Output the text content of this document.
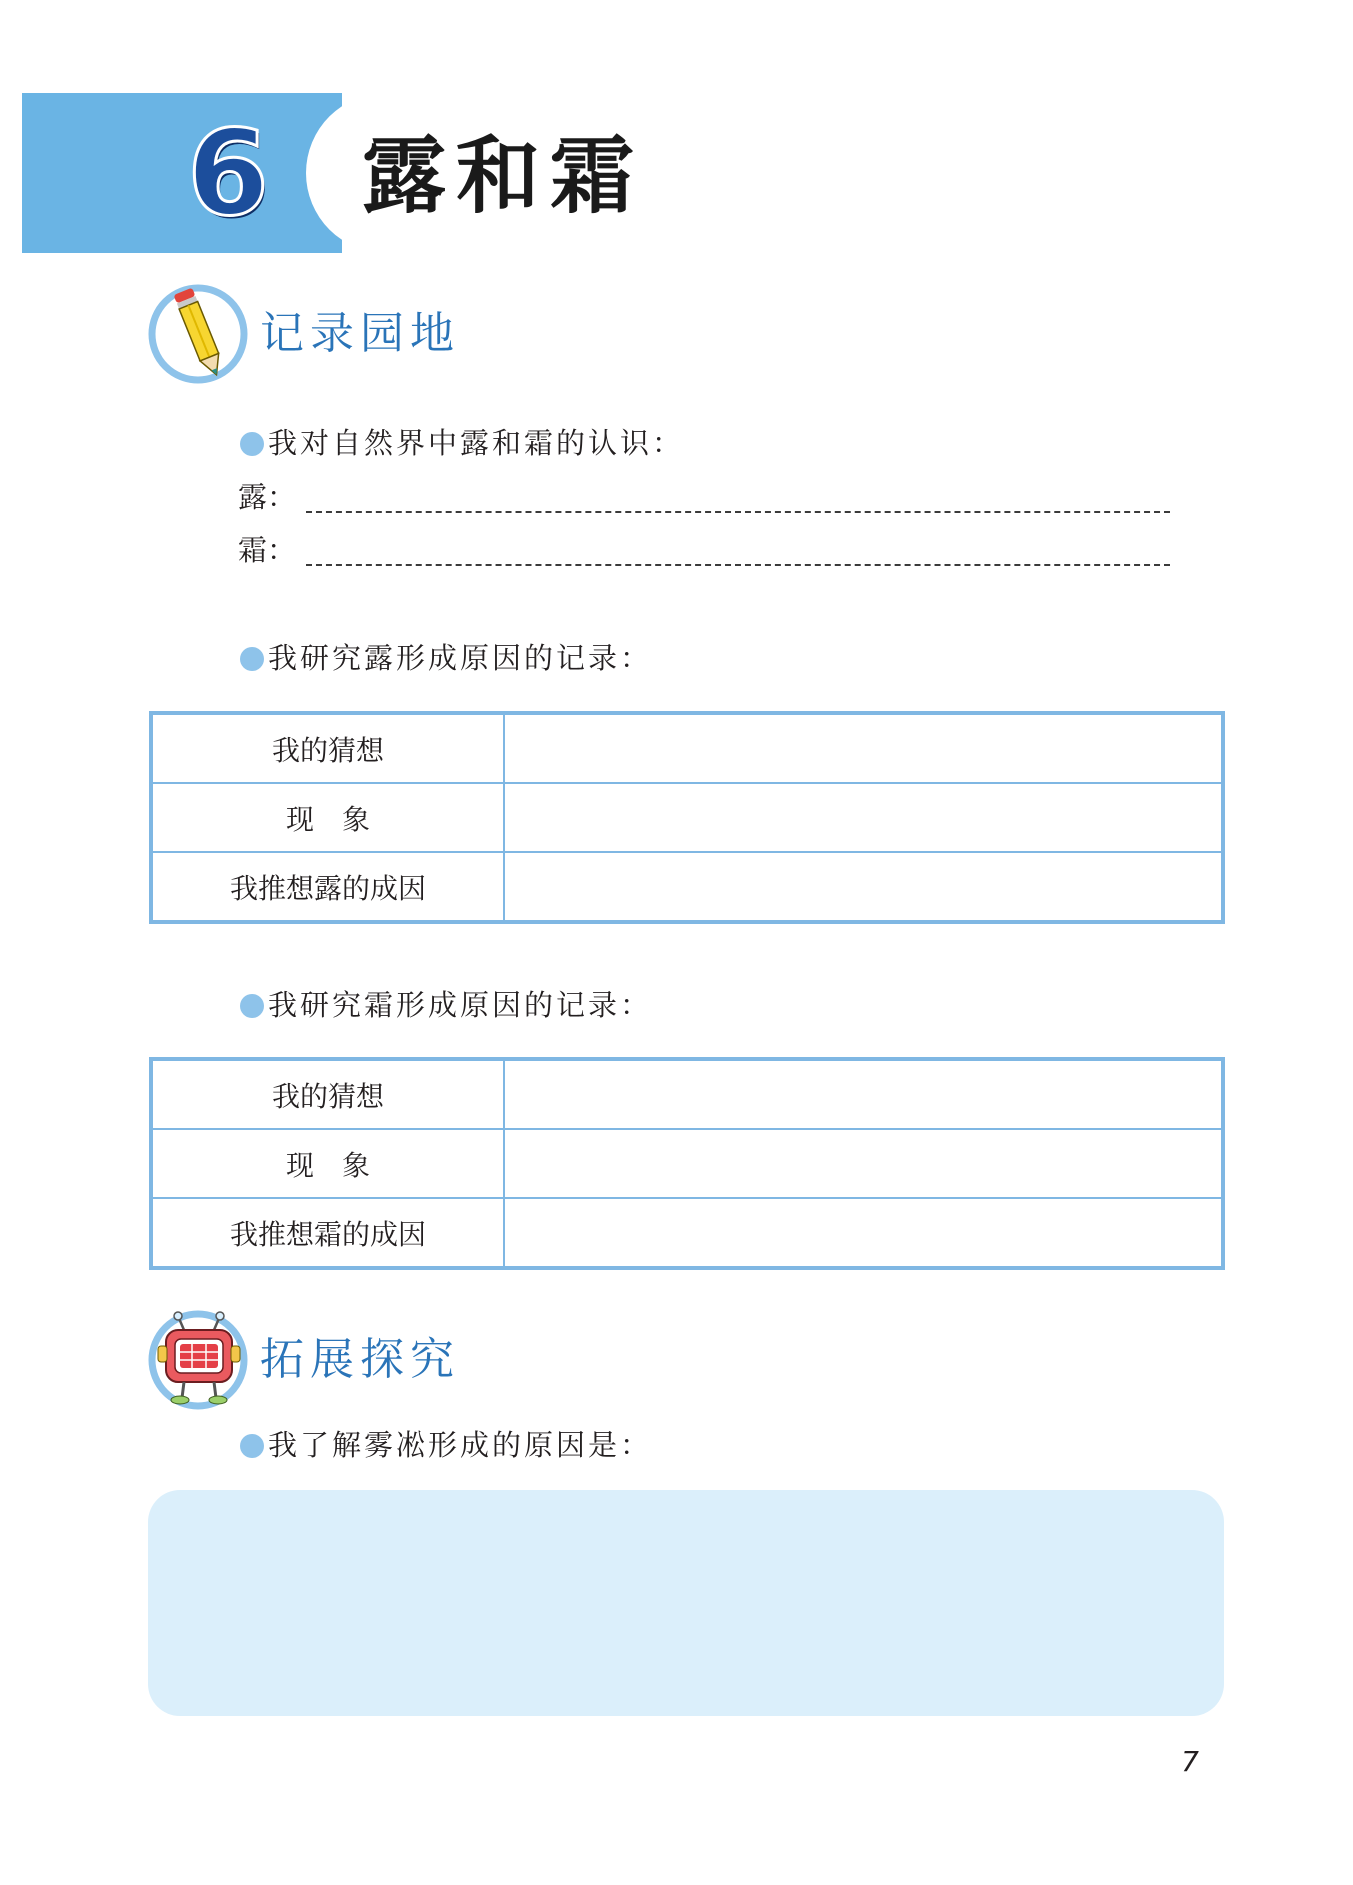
6 露和霜
记录园地
我对自然界中露和霜的认识：
露：
霜：
我研究露形成原因的记录：
我的猜想	
现　象	
我推想露的成因	
我研究霜形成原因的记录：
我的猜想	
现　象	
我推想霜的成因	
拓展探究
我了解雾凇形成的原因是：
7
